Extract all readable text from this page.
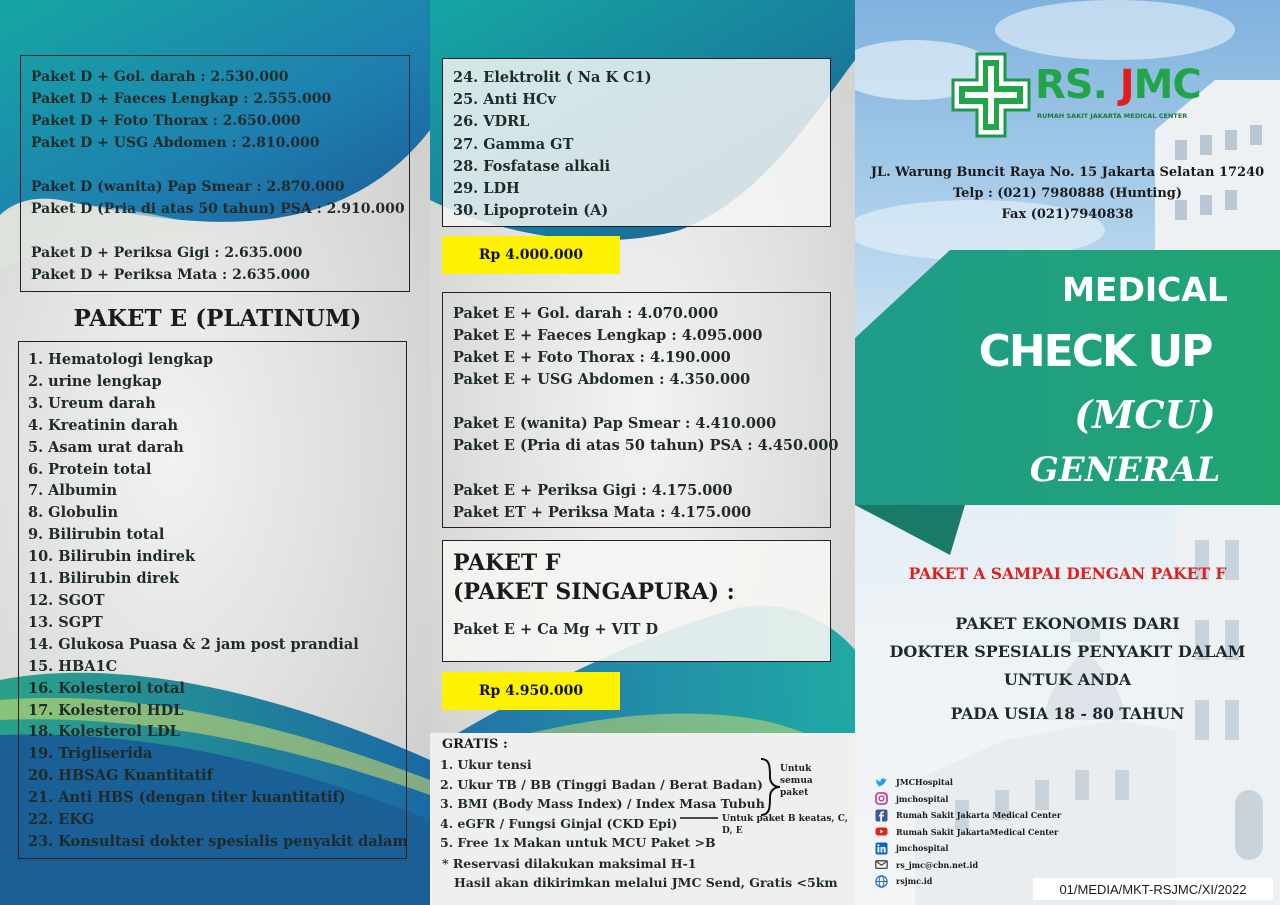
Paket D + Gol. darah : 2.530.000
Paket D + Faeces Lengkap : 2.555.000
Paket D + Foto Thorax : 2.650.000
Paket D + USG Abdomen : 2.810.000
Paket D (wanita) Pap Smear : 2.870.000
Paket D (Pria di atas 50 tahun) PSA : 2.910.000
Paket D + Periksa Gigi : 2.635.000
Paket D + Periksa Mata : 2.635.000
PAKET E (PLATINUM)
1. Hematologi lengkap
2. urine lengkap
3. Ureum darah
4. Kreatinin darah
5. Asam urat darah
6. Protein total
7. Albumin
8. Globulin
9. Bilirubin total
10. Bilirubin indirek
11. Bilirubin direk
12. SGOT
13. SGPT
14. Glukosa Puasa & 2 jam post prandial
15. HBA1C
16. Kolesterol total
17. Kolesterol HDL
18. Kolesterol LDL
19. Trigliserida
20. HBSAG Kuantitatif
21. Anti HBS (dengan titer kuantitatif)
22. EKG
23. Konsultasi dokter spesialis penyakit dalam
24. Elektrolit ( Na K C1)
25. Anti HCv
26. VDRL
27. Gamma GT
28. Fosfatase alkali
29. LDH
30. Lipoprotein (A)
Rp 4.000.000
Paket E + Gol. darah : 4.070.000
Paket E + Faeces Lengkap : 4.095.000
Paket E + Foto Thorax : 4.190.000
Paket E + USG Abdomen : 4.350.000
Paket E (wanita) Pap Smear : 4.410.000
Paket E (Pria di atas 50 tahun) PSA : 4.450.000
Paket E + Periksa Gigi : 4.175.000
Paket ET + Periksa Mata : 4.175.000
PAKET F
(PAKET SINGAPURA) :
Paket E + Ca Mg + VIT D
Rp 4.950.000
GRATIS :
1. Ukur tensi
2. Ukur TB / BB (Tinggi Badan / Berat Badan)
3. BMI (Body Mass Index) / Index Masa Tubuh
4. eGFR / Fungsi Ginjal (CKD Epi)
5. Free 1x Makan untuk MCU Paket >B
Untuk semua paket
Untuk paket B keatas, C, D, E
* Reservasi dilakukan maksimal H-1
Hasil akan dikirimkan melalui JMC Send, Gratis <5km
RS. JMC
RUMAH SAKIT JAKARTA MEDICAL CENTER
JL. Warung Buncit Raya No. 15 Jakarta Selatan 17240
Telp : (021) 7980888 (Hunting)
Fax (021)7940838
MEDICAL
CHECK UP
(MCU)
GENERAL
PAKET A SAMPAI DENGAN PAKET F
PAKET EKONOMIS DARI
DOKTER SPESIALIS PENYAKIT DALAM
UNTUK ANDA
PADA USIA 18 - 80 TAHUN
JMCHospital
jmchospital
Rumah Sakit Jakarta Medical Center
Rumah Sakit JakartaMedical Center
jmchospital
rs_jmc@cbn.net.id
rsjmc.id
01/MEDIA/MKT-RSJMC/XI/2022
